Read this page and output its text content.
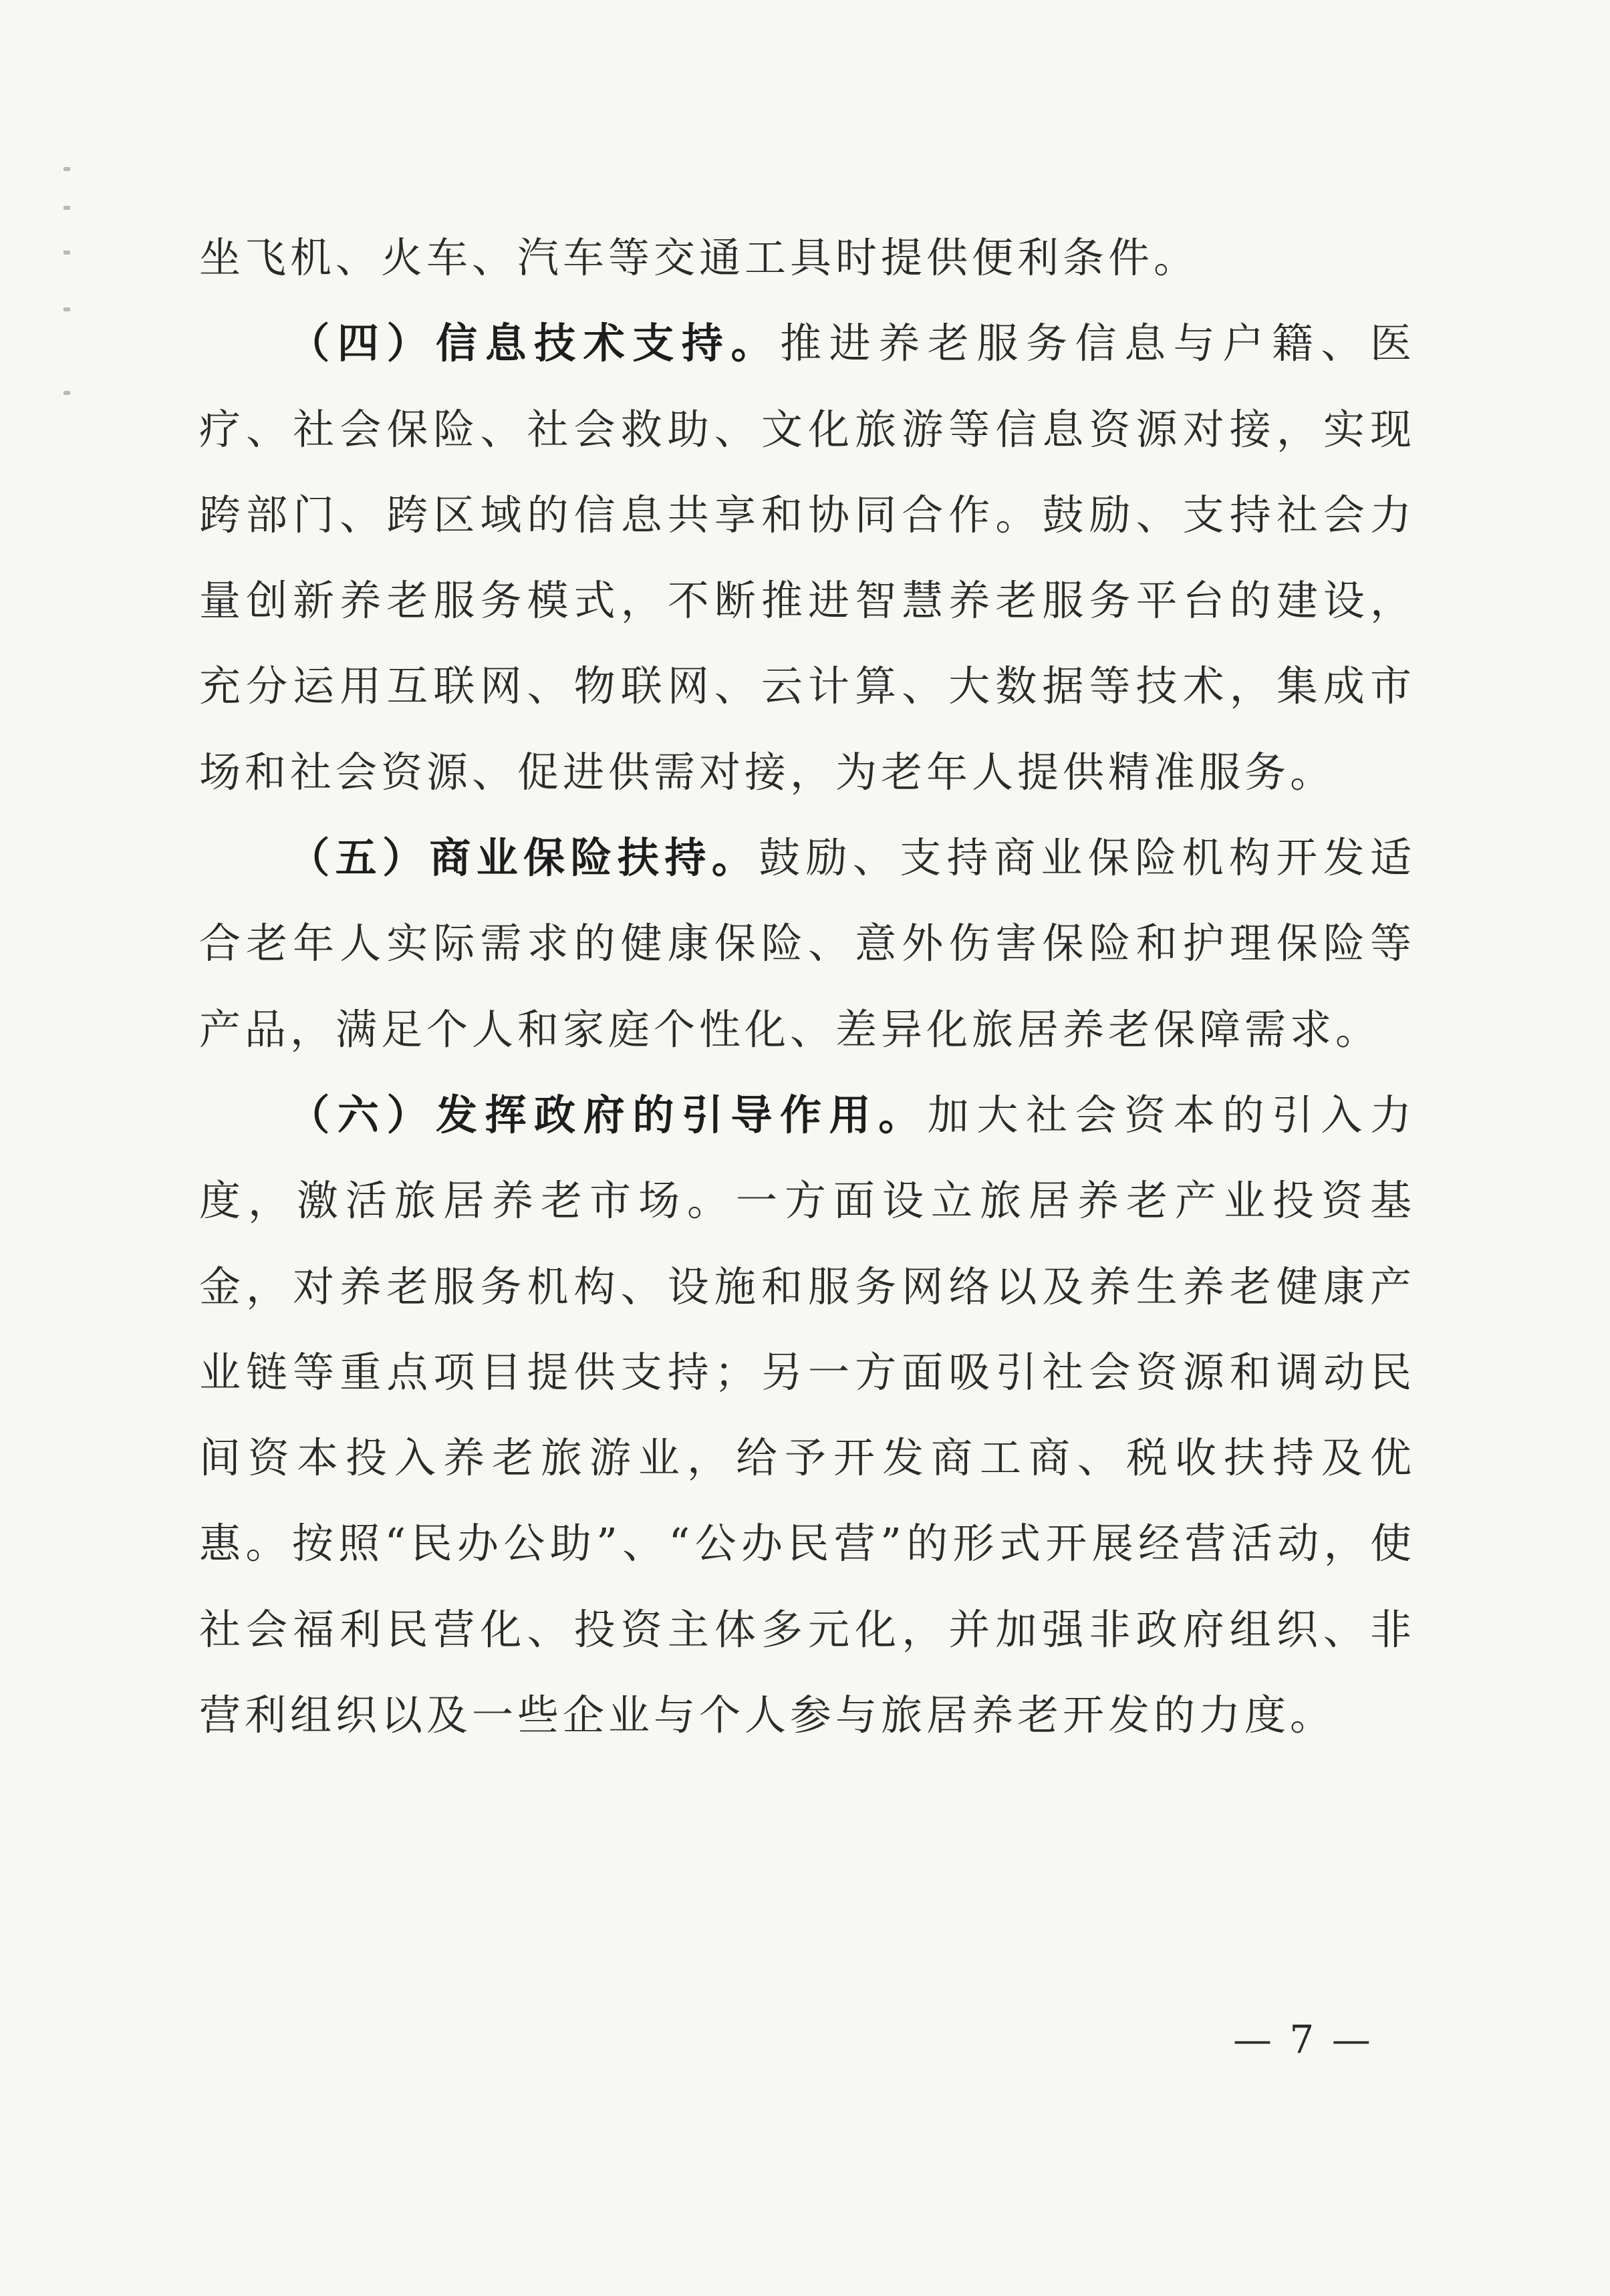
坐飞机、火车、汽车等交通工具时提供便利条件。

（四）信息技术支持。推进养老服务信息与户籍、医疗、社会保险、社会救助、文化旅游等信息资源对接，实现跨部门、跨区域的信息共享和协同合作。鼓励、支持社会力量创新养老服务模式，不断推进智慧养老服务平台的建设，充分运用互联网、物联网、云计算、大数据等技术，集成市场和社会资源、促进供需对接，为老年人提供精准服务。

（五）商业保险扶持。鼓励、支持商业保险机构开发适合老年人实际需求的健康保险、意外伤害保险和护理保险等产品，满足个人和家庭个性化、差异化旅居养老保障需求。

（六）发挥政府的引导作用。加大社会资本的引入力度，激活旅居养老市场。一方面设立旅居养老产业投资基金，对养老服务机构、设施和服务网络以及养生养老健康产业链等重点项目提供支持；另一方面吸引社会资源和调动民间资本投入养老旅游业，给予开发商工商、税收扶持及优惠。按照“民办公助”、“公办民营”的形式开展经营活动，使社会福利民营化、投资主体多元化，并加强非政府组织、非营利组织以及一些企业与个人参与旅居养老开发的力度。

— 7 —
